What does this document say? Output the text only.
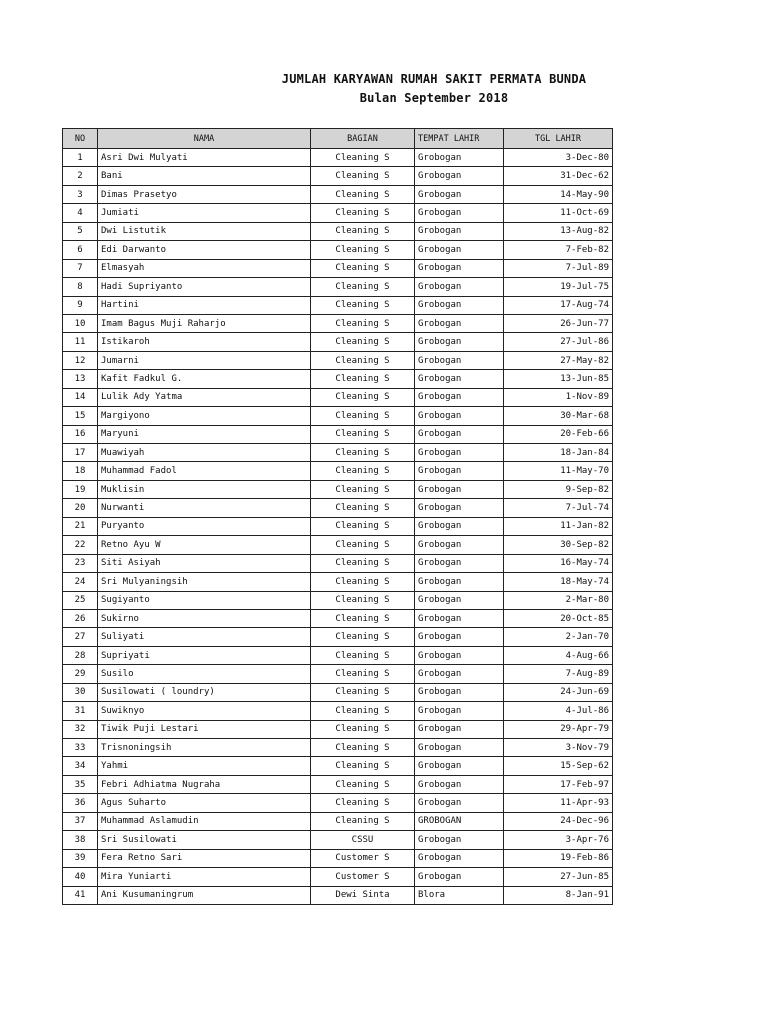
JUMLAH KARYAWAN RUMAH SAKIT PERMATA BUNDA
Bulan September 2018
NO	NAMA	BAGIAN	TEMPAT LAHIR	TGL LAHIR
1	Asri Dwi Mulyati	Cleaning S	Grobogan	3-Dec-80
2	Bani	Cleaning S	Grobogan	31-Dec-62
3	Dimas Prasetyo	Cleaning S	Grobogan	14-May-90
4	Jumiati	Cleaning S	Grobogan	11-Oct-69
5	Dwi Listutik	Cleaning S	Grobogan	13-Aug-82
6	Edi Darwanto	Cleaning S	Grobogan	7-Feb-82
7	Elmasyah	Cleaning S	Grobogan	7-Jul-89
8	Hadi Supriyanto	Cleaning S	Grobogan	19-Jul-75
9	Hartini	Cleaning S	Grobogan	17-Aug-74
10	Imam Bagus Muji Raharjo	Cleaning S	Grobogan	26-Jun-77
11	Istikaroh	Cleaning S	Grobogan	27-Jul-86
12	Jumarni	Cleaning S	Grobogan	27-May-82
13	Kafit Fadkul G.	Cleaning S	Grobogan	13-Jun-85
14	Lulik Ady Yatma	Cleaning S	Grobogan	1-Nov-89
15	Margiyono	Cleaning S	Grobogan	30-Mar-68
16	Maryuni	Cleaning S	Grobogan	20-Feb-66
17	Muawiyah	Cleaning S	Grobogan	18-Jan-84
18	Muhammad Fadol	Cleaning S	Grobogan	11-May-70
19	Muklisin	Cleaning S	Grobogan	9-Sep-82
20	Nurwanti	Cleaning S	Grobogan	7-Jul-74
21	Puryanto	Cleaning S	Grobogan	11-Jan-82
22	Retno Ayu W	Cleaning S	Grobogan	30-Sep-82
23	Siti Asiyah	Cleaning S	Grobogan	16-May-74
24	Sri Mulyaningsih	Cleaning S	Grobogan	18-May-74
25	Sugiyanto	Cleaning S	Grobogan	2-Mar-80
26	Sukirno	Cleaning S	Grobogan	20-Oct-85
27	Suliyati	Cleaning S	Grobogan	2-Jan-70
28	Supriyati	Cleaning S	Grobogan	4-Aug-66
29	Susilo	Cleaning S	Grobogan	7-Aug-89
30	Susilowati ( loundry)	Cleaning S	Grobogan	24-Jun-69
31	Suwiknyo	Cleaning S	Grobogan	4-Jul-86
32	Tiwik Puji Lestari	Cleaning S	Grobogan	29-Apr-79
33	Trisnoningsih	Cleaning S	Grobogan	3-Nov-79
34	Yahmi	Cleaning S	Grobogan	15-Sep-62
35	Febri Adhiatma Nugraha	Cleaning S	Grobogan	17-Feb-97
36	Agus Suharto	Cleaning S	Grobogan	11-Apr-93
37	Muhammad Aslamudin	Cleaning S	GROBOGAN	24-Dec-96
38	Sri Susilowati	CSSU	Grobogan	3-Apr-76
39	Fera Retno Sari	Customer S	Grobogan	19-Feb-86
40	Mira Yuniarti	Customer S	Grobogan	27-Jun-85
41	Ani Kusumaningrum	Dewi Sinta	Blora	8-Jan-91
